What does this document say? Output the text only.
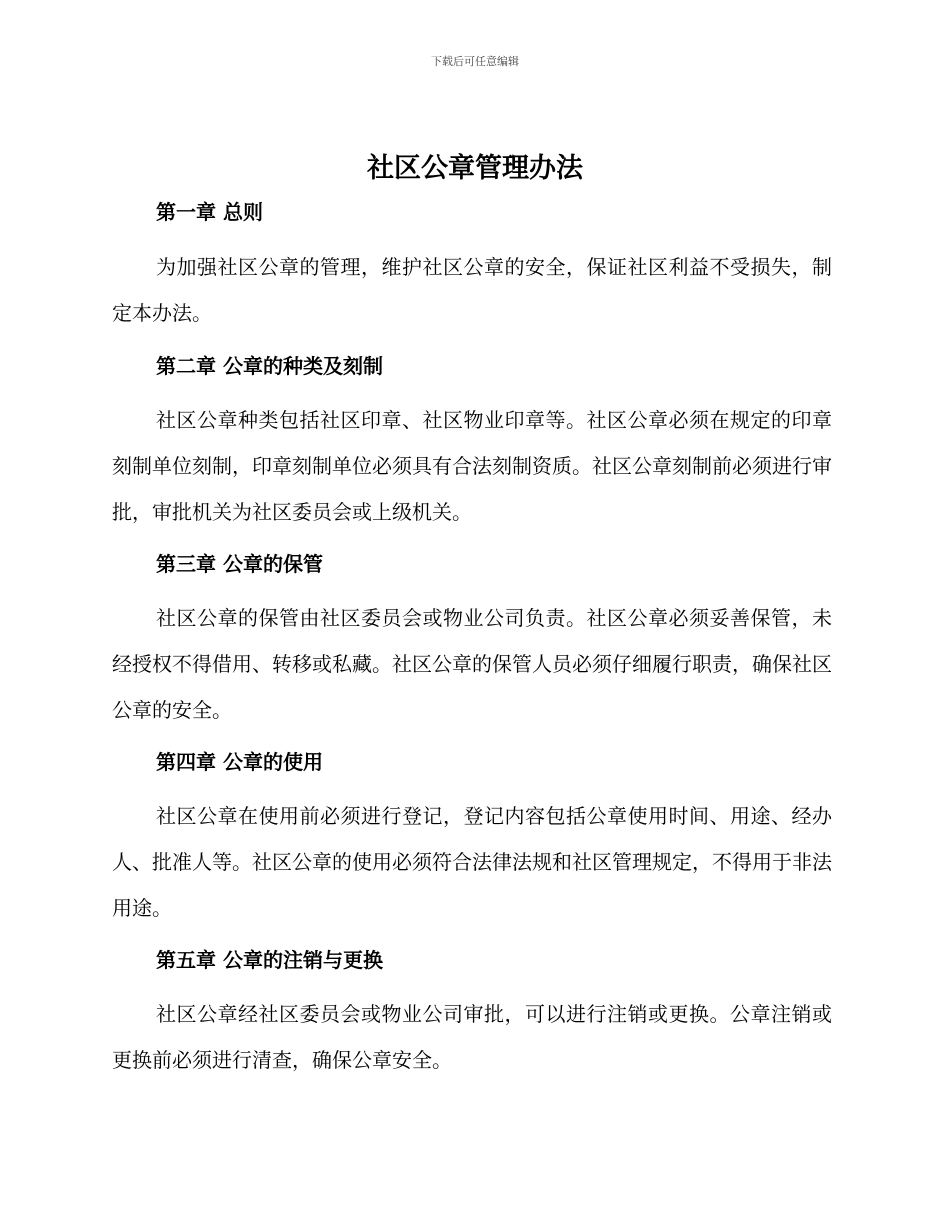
下载后可任意编辑
社区公章管理办法
第一章 总则

为加强社区公章的管理，维护社区公章的安全，保证社区利益不受损失，制定本办法。

第二章 公章的种类及刻制

社区公章种类包括社区印章、社区物业印章等。社区公章必须在规定的印章刻制单位刻制，印章刻制单位必须具有合法刻制资质。社区公章刻制前必须进行审批，审批机关为社区委员会或上级机关。

第三章 公章的保管

社区公章的保管由社区委员会或物业公司负责。社区公章必须妥善保管，未经授权不得借用、转移或私藏。社区公章的保管人员必须仔细履行职责，确保社区公章的安全。

第四章 公章的使用

社区公章在使用前必须进行登记，登记内容包括公章使用时间、用途、经办人、批准人等。社区公章的使用必须符合法律法规和社区管理规定，不得用于非法用途。

第五章 公章的注销与更换

社区公章经社区委员会或物业公司审批，可以进行注销或更换。公章注销或更换前必须进行清查，确保公章安全。
